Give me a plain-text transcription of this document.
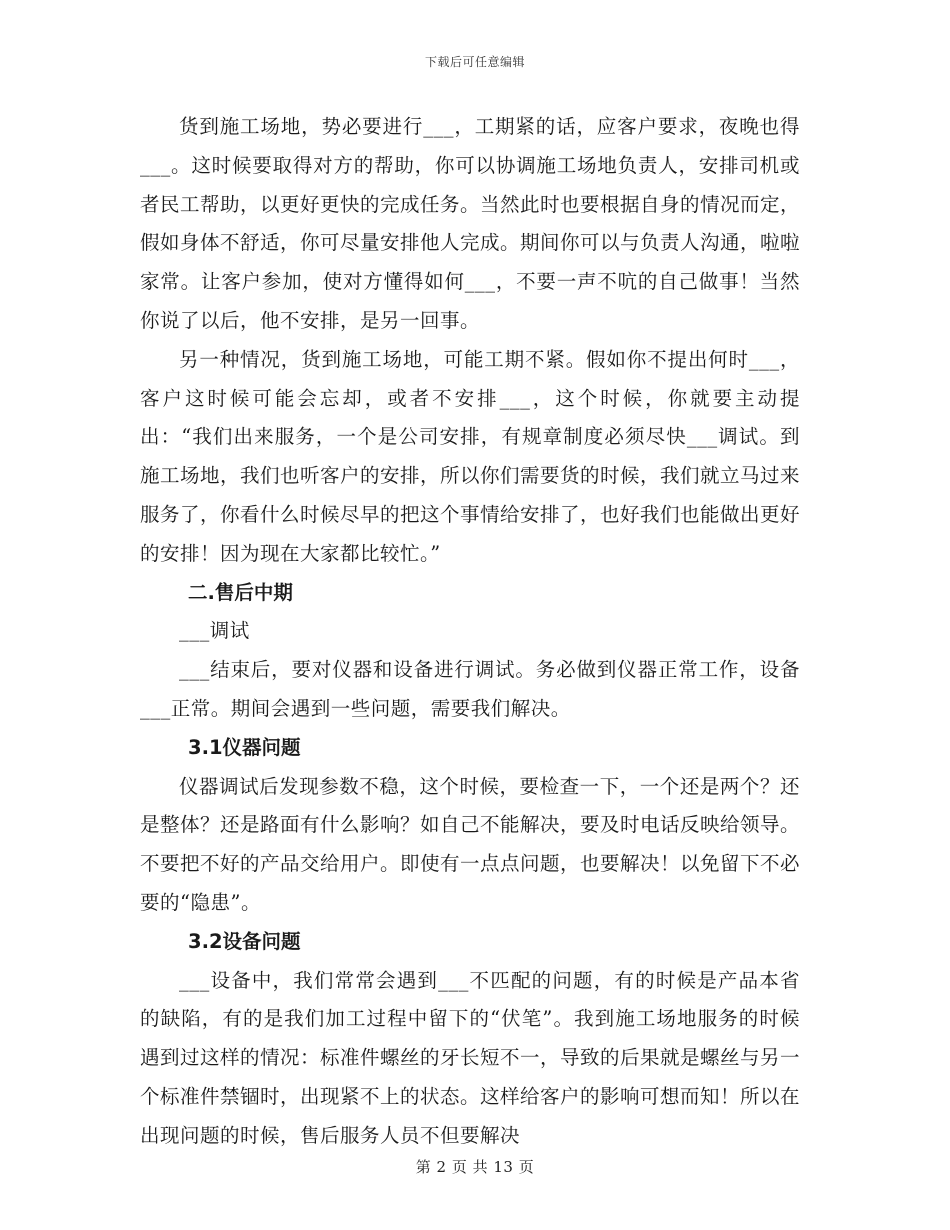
下载后可任意编辑

货到施工场地，势必要进行___，工期紧的话，应客户要求，夜晚也得___。这时候要取得对方的帮助，你可以协调施工场地负责人，安排司机或者民工帮助，以更好更快的完成任务。当然此时也要根据自身的情况而定，假如身体不舒适，你可尽量安排他人完成。期间你可以与负责人沟通，啦啦家常。让客户参加，使对方懂得如何___，不要一声不吭的自己做事！当然你说了以后，他不安排，是另一回事。

另一种情况，货到施工场地，可能工期不紧。假如你不提出何时___，客户这时候可能会忘却，或者不安排___，这个时候，你就要主动提出：“我们出来服务，一个是公司安排，有规章制度必须尽快___调试。到施工场地，我们也听客户的安排，所以你们需要货的时候，我们就立马过来服务了，你看什么时候尽早的把这个事情给安排了，也好我们也能做出更好的安排！因为现在大家都比较忙。”

二.售后中期

___调试

___结束后，要对仪器和设备进行调试。务必做到仪器正常工作，设备___正常。期间会遇到一些问题，需要我们解决。

3.1仪器问题

仪器调试后发现参数不稳，这个时候，要检查一下，一个还是两个？还是整体？还是路面有什么影响？如自己不能解决，要及时电话反映给领导。不要把不好的产品交给用户。即使有一点点问题，也要解决！以免留下不必要的“隐患”。

3.2设备问题

___设备中，我们常常会遇到___不匹配的问题，有的时候是产品本省的缺陷，有的是我们加工过程中留下的“伏笔”。我到施工场地服务的时候遇到过这样的情况：标准件螺丝的牙长短不一，导致的后果就是螺丝与另一个标准件禁锢时，出现紧不上的状态。这样给客户的影响可想而知！所以在出现问题的时候，售后服务人员不但要解决

第 2 页 共 13 页
